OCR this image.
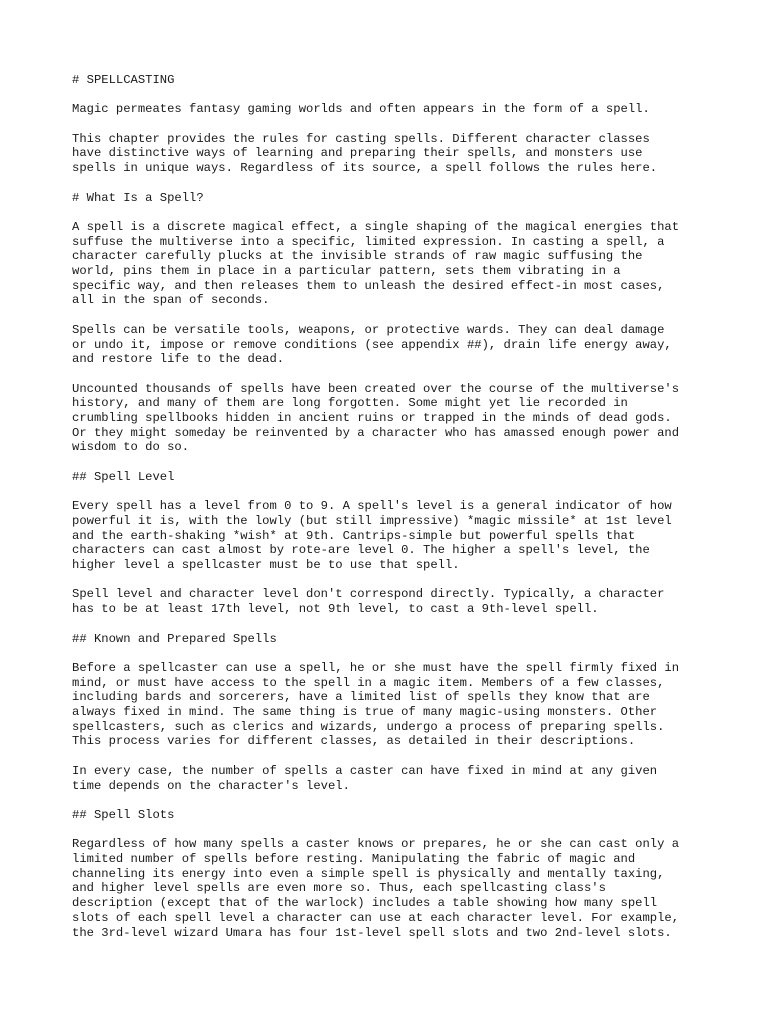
# SPELLCASTING
Magic permeates fantasy gaming worlds and often appears in the form of a spell.
This chapter provides the rules for casting spells. Different character classes
have distinctive ways of learning and preparing their spells, and monsters use
spells in unique ways. Regardless of its source, a spell follows the rules here.
# What Is a Spell?
A spell is a discrete magical effect, a single shaping of the magical energies that
suffuse the multiverse into a specific, limited expression. In casting a spell, a
character carefully plucks at the invisible strands of raw magic suffusing the
world, pins them in place in a particular pattern, sets them vibrating in a
specific way, and then releases them to unleash the desired effect-in most cases,
all in the span of seconds.
Spells can be versatile tools, weapons, or protective wards. They can deal damage
or undo it, impose or remove conditions (see appendix ##), drain life energy away,
and restore life to the dead.
Uncounted thousands of spells have been created over the course of the multiverse's
history, and many of them are long forgotten. Some might yet lie recorded in
crumbling spellbooks hidden in ancient ruins or trapped in the minds of dead gods.
Or they might someday be reinvented by a character who has amassed enough power and
wisdom to do so.
## Spell Level
Every spell has a level from 0 to 9. A spell's level is a general indicator of how
powerful it is, with the lowly (but still impressive) *magic missile* at 1st level
and the earth-shaking *wish* at 9th. Cantrips-simple but powerful spells that
characters can cast almost by rote-are level 0. The higher a spell's level, the
higher level a spellcaster must be to use that spell.
Spell level and character level don't correspond directly. Typically, a character
has to be at least 17th level, not 9th level, to cast a 9th-level spell.
## Known and Prepared Spells
Before a spellcaster can use a spell, he or she must have the spell firmly fixed in
mind, or must have access to the spell in a magic item. Members of a few classes,
including bards and sorcerers, have a limited list of spells they know that are
always fixed in mind. The same thing is true of many magic-using monsters. Other
spellcasters, such as clerics and wizards, undergo a process of preparing spells.
This process varies for different classes, as detailed in their descriptions.
In every case, the number of spells a caster can have fixed in mind at any given
time depends on the character's level.
## Spell Slots
Regardless of how many spells a caster knows or prepares, he or she can cast only a
limited number of spells before resting. Manipulating the fabric of magic and
channeling its energy into even a simple spell is physically and mentally taxing,
and higher level spells are even more so. Thus, each spellcasting class's
description (except that of the warlock) includes a table showing how many spell
slots of each spell level a character can use at each character level. For example,
the 3rd-level wizard Umara has four 1st-level spell slots and two 2nd-level slots.
